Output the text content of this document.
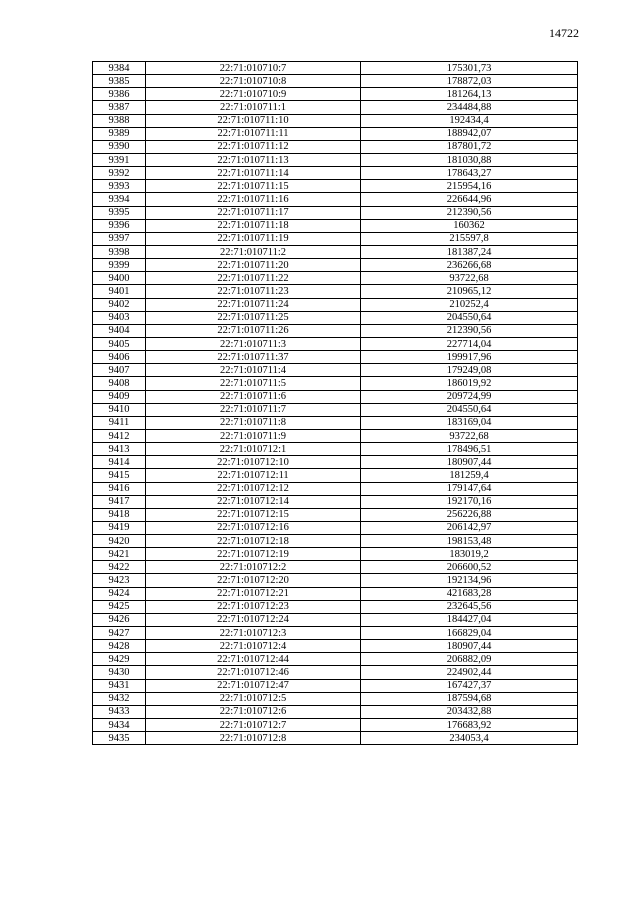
14722
9384	22:71:010710:7	175301,73
9385	22:71:010710:8	178872,03
9386	22:71:010710:9	181264,13
9387	22:71:010711:1	234484,88
9388	22:71:010711:10	192434,4
9389	22:71:010711:11	188942,07
9390	22:71:010711:12	187801,72
9391	22:71:010711:13	181030,88
9392	22:71:010711:14	178643,27
9393	22:71:010711:15	215954,16
9394	22:71:010711:16	226644,96
9395	22:71:010711:17	212390,56
9396	22:71:010711:18	160362
9397	22:71:010711:19	215597,8
9398	22:71:010711:2	181387,24
9399	22:71:010711:20	236266,68
9400	22:71:010711:22	93722,68
9401	22:71:010711:23	210965,12
9402	22:71:010711:24	210252,4
9403	22:71:010711:25	204550,64
9404	22:71:010711:26	212390,56
9405	22:71:010711:3	227714,04
9406	22:71:010711:37	199917,96
9407	22:71:010711:4	179249,08
9408	22:71:010711:5	186019,92
9409	22:71:010711:6	209724,99
9410	22:71:010711:7	204550,64
9411	22:71:010711:8	183169,04
9412	22:71:010711:9	93722,68
9413	22:71:010712:1	178496,51
9414	22:71:010712:10	180907,44
9415	22:71:010712:11	181259,4
9416	22:71:010712:12	179147,64
9417	22:71:010712:14	192170,16
9418	22:71:010712:15	256226,88
9419	22:71:010712:16	206142,97
9420	22:71:010712:18	198153,48
9421	22:71:010712:19	183019,2
9422	22:71:010712:2	206600,52
9423	22:71:010712:20	192134,96
9424	22:71:010712:21	421683,28
9425	22:71:010712:23	232645,56
9426	22:71:010712:24	184427,04
9427	22:71:010712:3	166829,04
9428	22:71:010712:4	180907,44
9429	22:71:010712:44	206882,09
9430	22:71:010712:46	224902,44
9431	22:71:010712:47	167427,37
9432	22:71:010712:5	187594,68
9433	22:71:010712:6	203432,88
9434	22:71:010712:7	176683,92
9435	22:71:010712:8	234053,4
